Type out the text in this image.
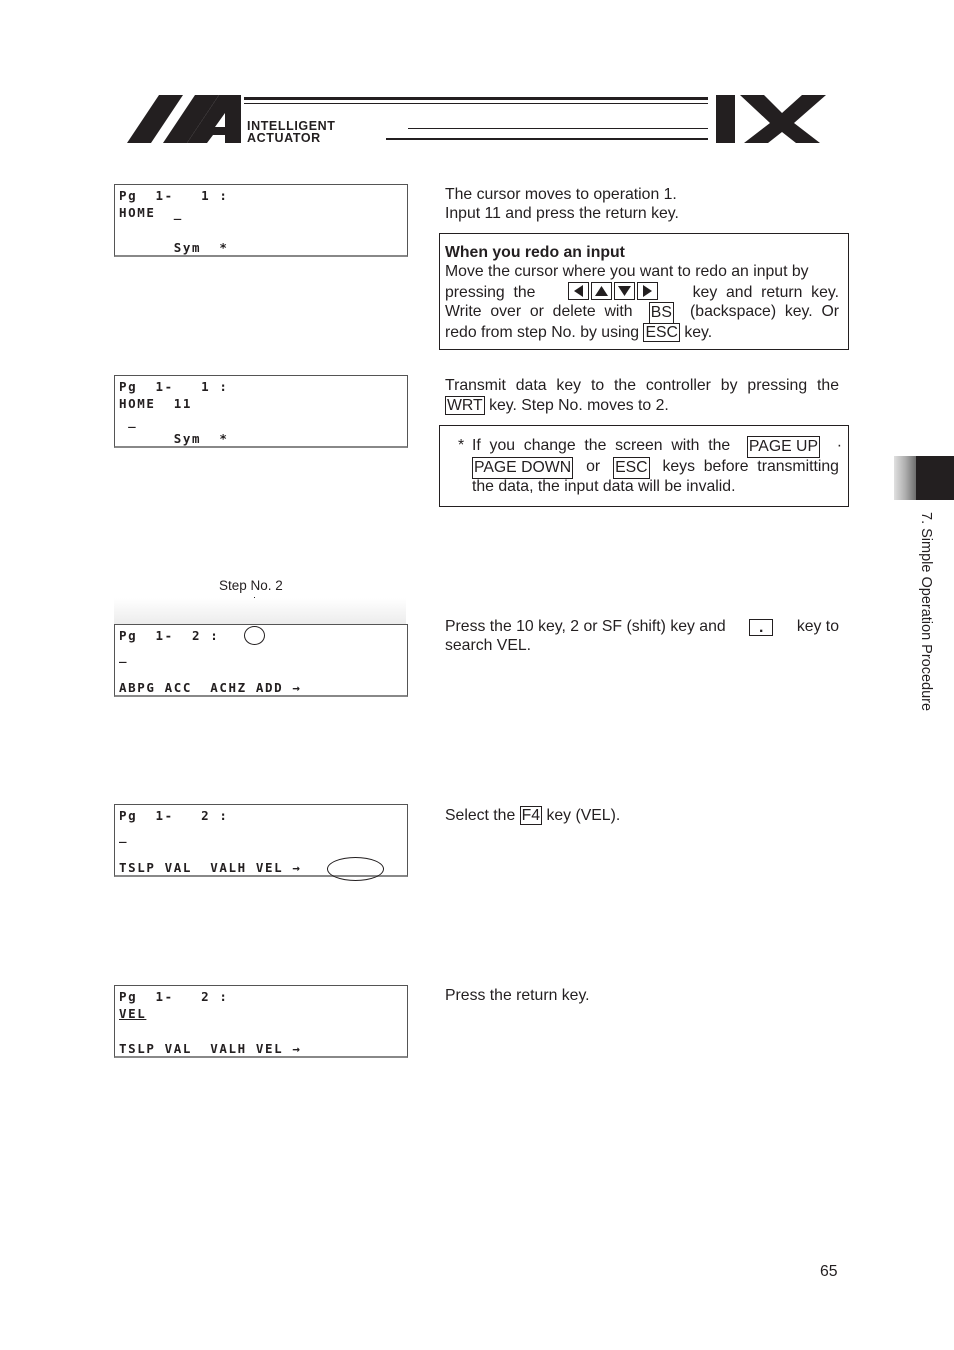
INTELLIGENT
ACTUATOR
Pg  1-   1 :
HOME  _
Sym  *
The cursor moves to operation 1.
Input 11 and press the return key.
When you redo an input
Move the cursor where you want to redo an input by
pressing  the	key  and  return  key.
Write  over  or  delete  with BS (backspace)  key.  Or
redo from step No. by using ESC key.
Pg  1-   1 :
HOME  11
_
Sym  *
Transmit data key to the controller by pressing the
WRT key. Step No. moves to 2.
* If  you  change  the  screen  with  the PAGE UP ·
PAGE DOWN or ESC keys  before  transmitting
the data, the input data will be invalid.
7. Simple Operation Procedure
Step No. 2
Pg  1-  2 :
_
ABPG ACC  ACHZ ADD →
Press the 10 key, 2 or SF (shift) key and	.	key to
search VEL.
Pg  1-   2 :
_
TSLP VAL  VALH VEL →
Select the F4 key (VEL).
Pg  1-   2 :
VEL
TSLP VAL  VALH VEL →
Press the return key.
65
